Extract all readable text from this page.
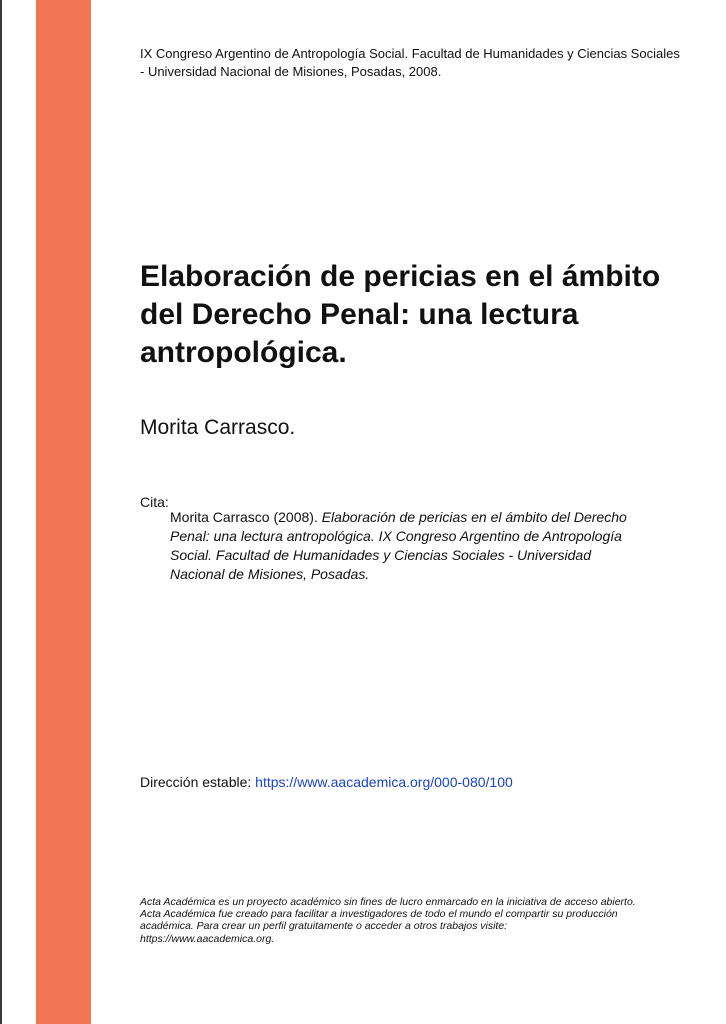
IX Congreso Argentino de Antropología Social. Facultad de Humanidades y Ciencias Sociales - Universidad Nacional de Misiones, Posadas, 2008.
Elaboración de pericias en el ámbito del Derecho Penal: una lectura antropológica.
Morita Carrasco.
Cita:
Morita Carrasco (2008). Elaboración de pericias en el ámbito del Derecho Penal: una lectura antropológica. IX Congreso Argentino de Antropología Social. Facultad de Humanidades y Ciencias Sociales - Universidad Nacional de Misiones, Posadas.
Dirección estable: https://www.aacademica.org/000-080/100
Acta Académica es un proyecto académico sin fines de lucro enmarcado en la iniciativa de acceso abierto. Acta Académica fue creado para facilitar a investigadores de todo el mundo el compartir su producción académica. Para crear un perfil gratuitamente o acceder a otros trabajos visite: https://www.aacademica.org.
